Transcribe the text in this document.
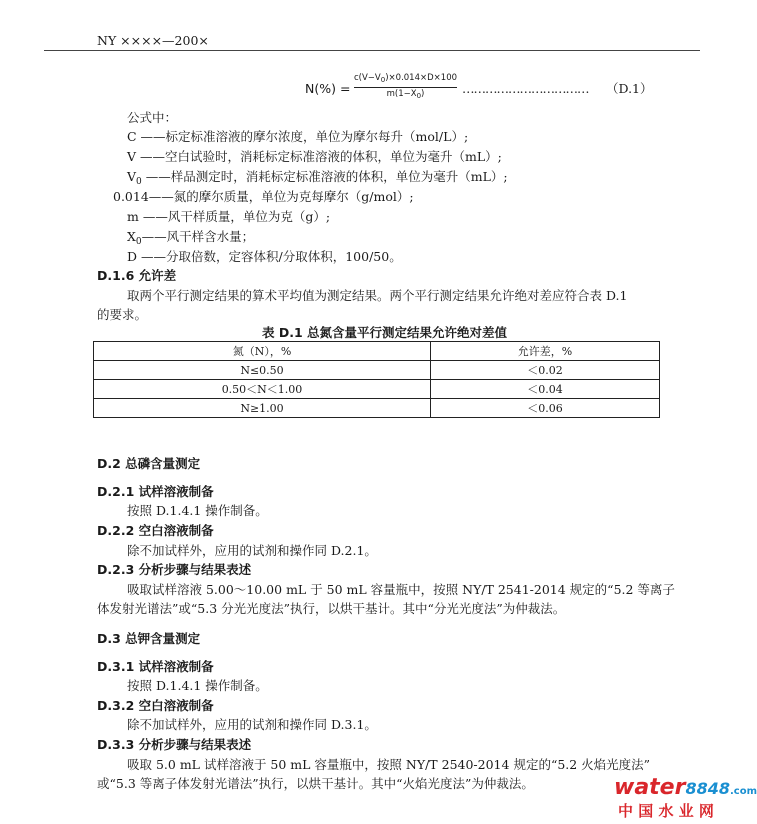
NY ××××—200×
N(%) =
$c(V-V_0)\times 0.014\times D\times 100$
$m(1-X_0)$	…………………………… （D.1）
公式中：
C ——标定标准溶液的摩尔浓度，单位为摩尔每升（mol/L）;
V ——空白试验时，消耗标定标准溶液的体积，单位为毫升（mL）;
$V_0$ ——样品测定时，消耗标定标准溶液的体积，单位为毫升（mL）;
0.014——氮的摩尔质量，单位为克每摩尔（g/mol）;
m ——风干样质量，单位为克（g）;
$X_0——$风干样含水量；
D ——分取倍数，定容体积/分取体积，100/50。
D.1.6 允许差
取两个平行测定结果的算术平均值为测定结果。两个平行测定结果允许绝对差应符合表 D.1
的要求。
表 D.1 总氮含量平行测定结果允许绝对差值
氮（N），%	允许差，%
N≤0.50	＜0.02
0.50＜N＜1.00	＜0.04
N≥1.00	＜0.06
D.2 总磷含量测定
D.2.1 试样溶液制备
按照 D.1.4.1 操作制备。
D.2.2 空白溶液制备
除不加试样外，应用的试剂和操作同 D.2.1。
D.2.3 分析步骤与结果表述
吸取试样溶液 5.00～10.00 mL 于 50 mL 容量瓶中，按照 NY/T 2541-2014 规定的“5.2 等离子
体发射光谱法”或“5.3 分光光度法”执行，以烘干基计。其中“分光光度法”为仲裁法。
D.3 总钾含量测定
D.3.1 试样溶液制备
按照 D.1.4.1 操作制备。
D.3.2 空白溶液制备
除不加试样外，应用的试剂和操作同 D.3.1。
D.3.3 分析步骤与结果表述
吸取 5.0 mL 试样溶液于 50 mL 容量瓶中，按照 NY/T 2540-2014 规定的“5.2 火焰光度法”
或“5.3 等离子体发射光谱法”执行，以烘干基计。其中“火焰光度法”为仲裁法。	water8848.com
中 国 水 业 网
